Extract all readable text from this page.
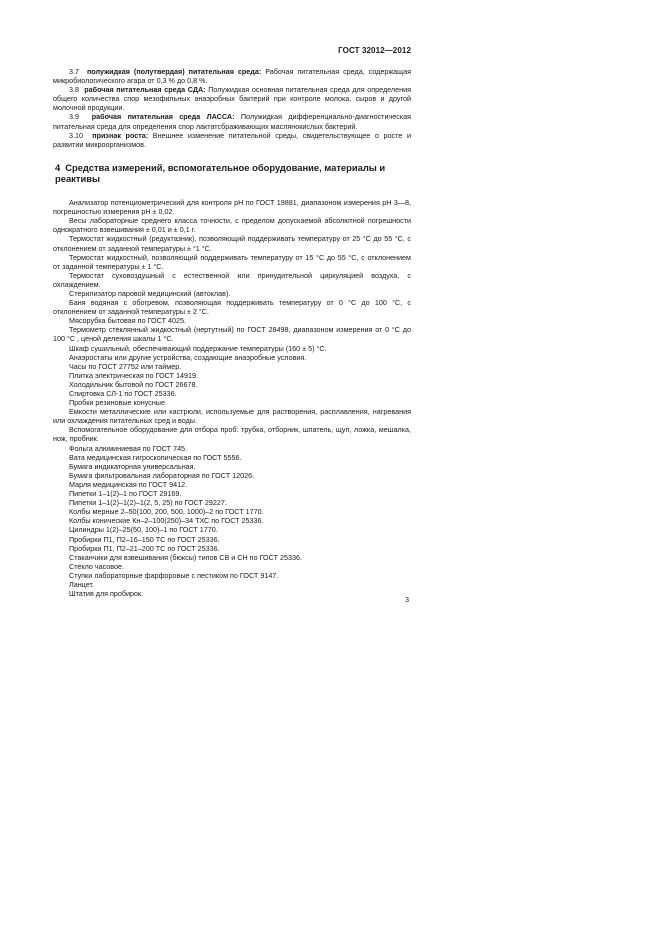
ГОСТ 32012—2012

3.7 полужидкая (полутвердая) питательная среда: Рабочая питательная среда, содержащая микробиологического агара от 0,3 % до 0,8 %.

3.8 рабочая питательная среда СДА: Полужидкая основная питательная среда для определения общего количества спор мезофильных анаэробных бактерий при контроле молока, сыров и другой молочной продукции.

3.9 рабочая питательная среда ЛАССА: Полужидкая дифференциально-диагностическая питательная среда для определения спор лактатсбраживающих маслянокислых бактерий.

3.10 признак роста: Внешнее изменение питательной среды, свидетельствующее о росте и развитии микроорганизмов.

4 Средства измерений, вспомогательное оборудование, материалы и реактивы

Анализатор потенциометрический для контроля pH по ГОСТ 19881, диапазоном измерения pH 3—8, погрешностью измерения pH ± 0,02.

Весы лабораторные среднего класса точности, с пределом допускаемой абсолютной погрешности однократного взвешивания ± 0,01 и ± 0,1 г.

Термостат жидкостный (редуктазник), позволяющий поддерживать температуру от 25 °С до 55 °С, с отклонением от заданной температуры ± °1 °С.

Термостат жидкостный, позволяющий поддерживать температуру от 15 °С до 55 °С, с отклонением от заданной температуры ± 1 °С.

Термостат суховоздушный с естественной или принудительной циркуляцией воздуха, с охлаждением.

Стерилизатор паровой медицинский (автоклав).

Баня водяная с обогревом, позволяющая поддерживать температуру от 0 °С до 100 °С, с отклонением от заданной температуры ± 2 °С.

Мясорубка бытовая по ГОСТ 4025.

Термометр стеклянный жидкостный (нертутный) по ГОСТ 28498, диапазоном измерения от 0 °С до 100 °С , ценой деления шкалы 1 °С.

Шкаф сушильный, обеспечивающий поддержание температуры (160 ± 5) °С.

Анаэростаты или другие устройства, создающие анаэробные условия.

Часы по ГОСТ 27752 или таймер.

Плитка электрическая по ГОСТ 14919.

Холодильник бытовой по ГОСТ 26678.

Спиртовка СЛ-1 по ГОСТ 25336.

Пробки резиновые конусные.

Емкости металлические или кастрюли, используемые для растворения, расплавления, нагревания или охлаждения питательных сред и воды.

Вспомогательное оборудование для отбора проб: трубка, отборник, шпатель, щуп, ложка, мешалка, нож, пробник.

Фольга алюминиевая по ГОСТ 745.

Вата медицинская гигроскопическая по ГОСТ 5556.

Бумага индикаторная универсальная.

Бумага фильтровальная лабораторная по ГОСТ 12026.

Марля медицинская по ГОСТ 9412.

Пипетки 1–1(2)–1 по ГОСТ 29169.

Пипетки 1–1(2)–1(2)–1(2, 5, 25) по ГОСТ 29227.

Колбы мерные 2–50(100, 200, 500, 1000)–2 по ГОСТ 1770.

Колбы конические Кн–2–100(250)–34 ТХС по ГОСТ 25336.

Цилиндры 1(2)–25(50, 100)–1 по ГОСТ 1770.

Пробирки П1, П2–16–150 ТС по ГОСТ 25336.

Пробирки П1, П2–21–200 ТС по ГОСТ 25336.

Стаканчики для взвешивания (бюксы) типов СВ и СН по ГОСТ 25336.

Стекло часовое.

Ступки лабораторные фарфоровые с пестиком по ГОСТ 9147.

Ланцет.

Штатив для пробирок.

3
